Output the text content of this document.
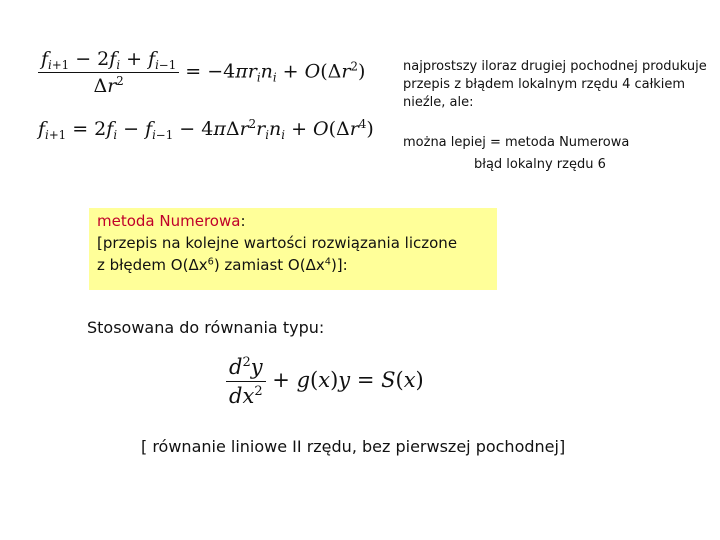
$\frac{f_{i+1} - 2f_i + f_{i-1}}{\Delta r^2} = -4\pi r_in_i + O(\Delta r^2)$
$f_{i+1} = 2f_i - f_{i-1} - 4\pi\Delta r^2r_in_i + O(\Delta r^4)$
najprostszy iloraz drugiej pochodnej produkuje przepis z błądem lokalnym rzędu 4 całkiem nieźle, ale:
można lepiej = metoda Numerowa
błąd lokalny rzędu 6
metoda Numerowa:
[przepis na kolejne wartości rozwiązania liczone
z błędem $O(\Delta x^6)$ zamiast $O(\Delta x^4)$]:
Stosowana do równania typu:
$\frac{d^2y}{dx^2} + g(x)y = S(x)$
[ równanie liniowe II rzędu, bez pierwszej pochodnej]
